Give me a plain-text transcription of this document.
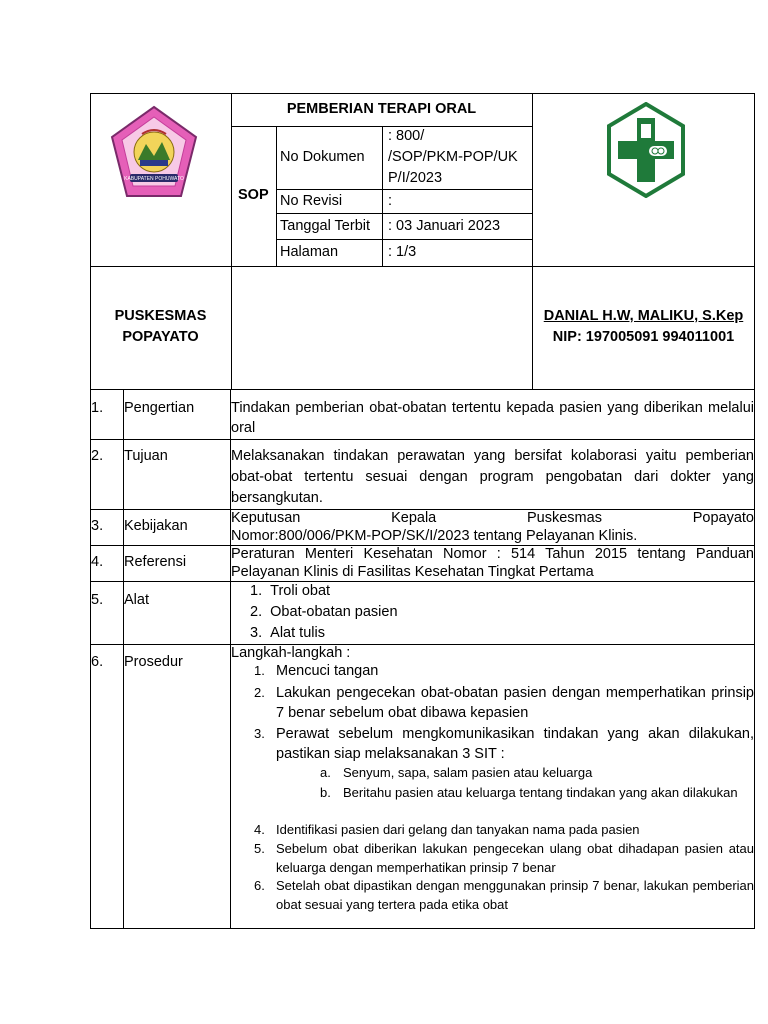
KABUPATEN POHUWATO
PEMBERIAN TERAPI ORAL
SOP
No Dokumen
: 800/
/SOP/PKM-POP/UK
P/I/2023
No Revisi	:
Tanggal Terbit : 03 Januari 2023
Halaman	: 1/3
PUSKESMAS
POPAYATO
DANIAL H.W, MALIKU, S.Kep
NIP: 197005091 994011001
1. Pengertian	Tindakan pemberian obat-obatan tertentu kepada pasien yang diberikan melalui oral
2. Tujuan	Melaksanakan tindakan perawatan yang bersifat kolaborasi yaitu pemberian obat-obat tertentu sesuai dengan program pengobatan dari dokter yang bersangkutan.
3. Kebijakan	Keputusan	Kepala	Puskesmas	Popayato
Nomor:800/006/PKM-POP/SK/I/2023 tentang Pelayanan Klinis.
4. Referensi	Peraturan Menteri Kesehatan Nomor : 514 Tahun 2015 tentang Panduan Pelayanan Klinis di Fasilitas Kesehatan Tingkat Pertama
5. Alat
1.  Troli obat
2.  Obat-obatan pasien
3.  Alat tulis
6. Prosedur
Langkah-langkah :
1. Mencuci tangan
2. Lakukan pengecekan obat-obatan pasien dengan memperhatikan prinsip 7 benar sebelum obat dibawa kepasien
3. Perawat sebelum mengkomunikasikan tindakan yang akan dilakukan, pastikan siap melaksanakan 3 SIT :
a. Senyum, sapa, salam pasien atau keluarga
b. Beritahu pasien atau keluarga tentang tindakan yang akan dilakukan
4. Identifikasi pasien dari gelang dan tanyakan nama pada pasien
5. Sebelum obat diberikan lakukan pengecekan ulang obat dihadapan pasien atau keluarga dengan memperhatikan prinsip 7 benar
6. Setelah obat dipastikan dengan menggunakan prinsip 7 benar, lakukan pemberian obat sesuai yang tertera pada etika obat
